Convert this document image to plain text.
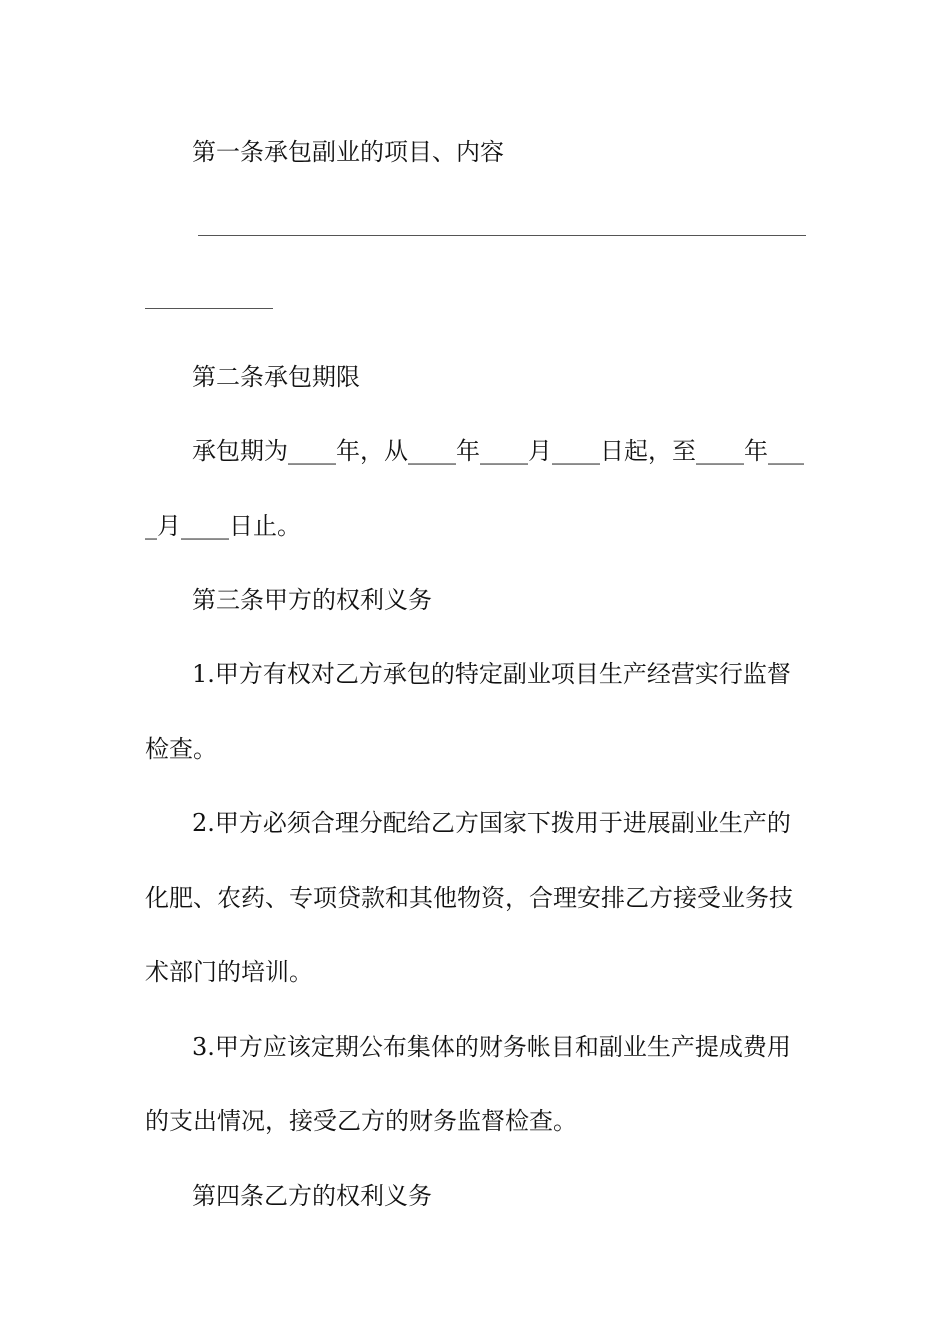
第一条承包副业的项目、内容
第二条承包期限
承包期为____年，从____年____月____日起，至____年___
_月____日止。
第三条甲方的权利义务
1.甲方有权对乙方承包的特定副业项目生产经营实行监督
检查。
2.甲方必须合理分配给乙方国家下拨用于进展副业生产的
化肥、农药、专项贷款和其他物资，合理安排乙方接受业务技
术部门的培训。
3.甲方应该定期公布集体的财务帐目和副业生产提成费用
的支出情况，接受乙方的财务监督检查。
第四条乙方的权利义务
